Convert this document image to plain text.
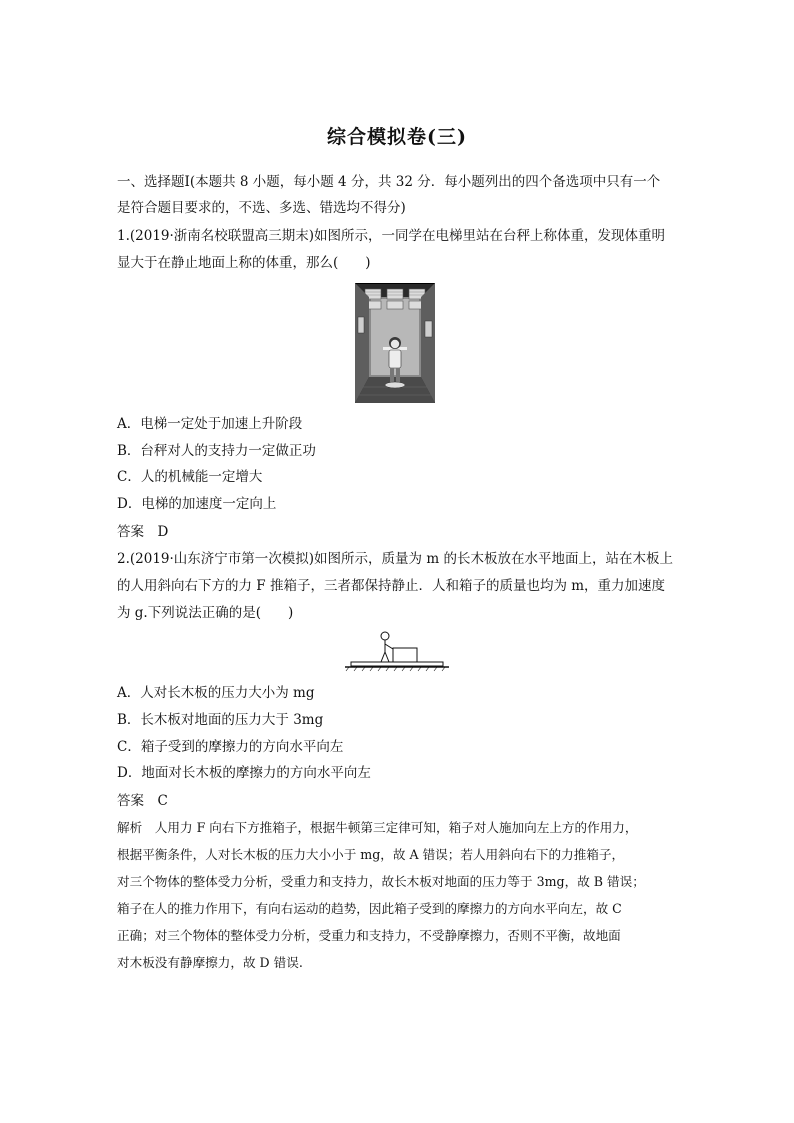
综合模拟卷(三)
一、选择题Ⅰ(本题共 8 小题，每小题 4 分，共 32 分．每小题列出的四个备选项中只有一个
是符合题目要求的，不选、多选、错选均不得分)
1.(2019·浙南名校联盟高三期末)如图所示，一同学在电梯里站在台秤上称体重，发现体重明
显大于在静止地面上称的体重，那么(　　)
A．电梯一定处于加速上升阶段
B．台秤对人的支持力一定做正功
C．人的机械能一定增大
D．电梯的加速度一定向上
答案　D
2.(2019·山东济宁市第一次模拟)如图所示，质量为 m 的长木板放在水平地面上，站在木板上
的人用斜向右下方的力 F 推箱子，三者都保持静止．人和箱子的质量也均为 m，重力加速度
为 g.下列说法正确的是(　　)
A．人对长木板的压力大小为 mg
B．长木板对地面的压力大于 3mg
C．箱子受到的摩擦力的方向水平向左
D．地面对长木板的摩擦力的方向水平向左
答案　C
解析　人用力 F 向右下方推箱子，根据牛顿第三定律可知，箱子对人施加向左上方的作用力，
根据平衡条件，人对长木板的压力大小小于 mg，故 A 错误；若人用斜向右下的力推箱子，
对三个物体的整体受力分析，受重力和支持力，故长木板对地面的压力等于 3mg，故 B 错误；
箱子在人的推力作用下，有向右运动的趋势，因此箱子受到的摩擦力的方向水平向左，故 C
正确；对三个物体的整体受力分析，受重力和支持力，不受静摩擦力，否则不平衡，故地面
对木板没有静摩擦力，故 D 错误.
